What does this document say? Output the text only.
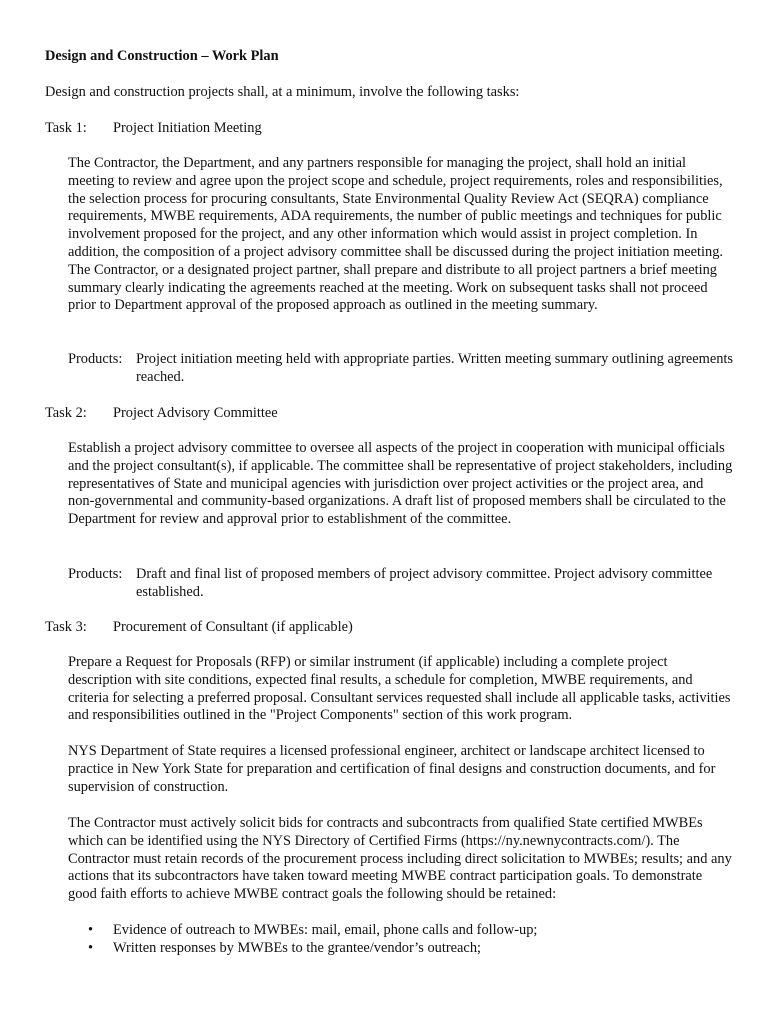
Design and Construction – Work Plan
Design and construction projects shall, at a minimum, involve the following tasks:
Task 1: Project Initiation Meeting
The Contractor, the Department, and any partners responsible for managing the project, shall hold an initial meeting to review and agree upon the project scope and schedule, project requirements, roles and responsibilities, the selection process for procuring consultants, State Environmental Quality Review Act (SEQRA) compliance requirements, MWBE requirements, ADA requirements, the number of public meetings and techniques for public involvement proposed for the project, and any other information which would assist in project completion. In addition, the composition of a project advisory committee shall be discussed during the project initiation meeting. The Contractor, or a designated project partner, shall prepare and distribute to all project partners a brief meeting summary clearly indicating the agreements reached at the meeting. Work on subsequent tasks shall not proceed prior to Department approval of the proposed approach as outlined in the meeting summary.
Products: Project initiation meeting held with appropriate parties. Written meeting summary outlining agreements reached.
Task 2: Project Advisory Committee
Establish a project advisory committee to oversee all aspects of the project in cooperation with municipal officials and the project consultant(s), if applicable. The committee shall be representative of project stakeholders, including representatives of State and municipal agencies with jurisdiction over project activities or the project area, and non-governmental and community-based organizations. A draft list of proposed members shall be circulated to the Department for review and approval prior to establishment of the committee.
Products: Draft and final list of proposed members of project advisory committee. Project advisory committee established.
Task 3: Procurement of Consultant (if applicable)
Prepare a Request for Proposals (RFP) or similar instrument (if applicable) including a complete project description with site conditions, expected final results, a schedule for completion, MWBE requirements, and criteria for selecting a preferred proposal. Consultant services requested shall include all applicable tasks, activities and responsibilities outlined in the "Project Components" section of this work program.
NYS Department of State requires a licensed professional engineer, architect or landscape architect licensed to practice in New York State for preparation and certification of final designs and construction documents, and for supervision of construction.
The Contractor must actively solicit bids for contracts and subcontracts from qualified State certified MWBEs which can be identified using the NYS Directory of Certified Firms (https://ny.newnycontracts.com/). The Contractor must retain records of the procurement process including direct solicitation to MWBEs; results; and any actions that its subcontractors have taken toward meeting MWBE contract participation goals. To demonstrate good faith efforts to achieve MWBE contract goals the following should be retained:
• Evidence of outreach to MWBEs: mail, email, phone calls and follow-up;
• Written responses by MWBEs to the grantee/vendor’s outreach;
